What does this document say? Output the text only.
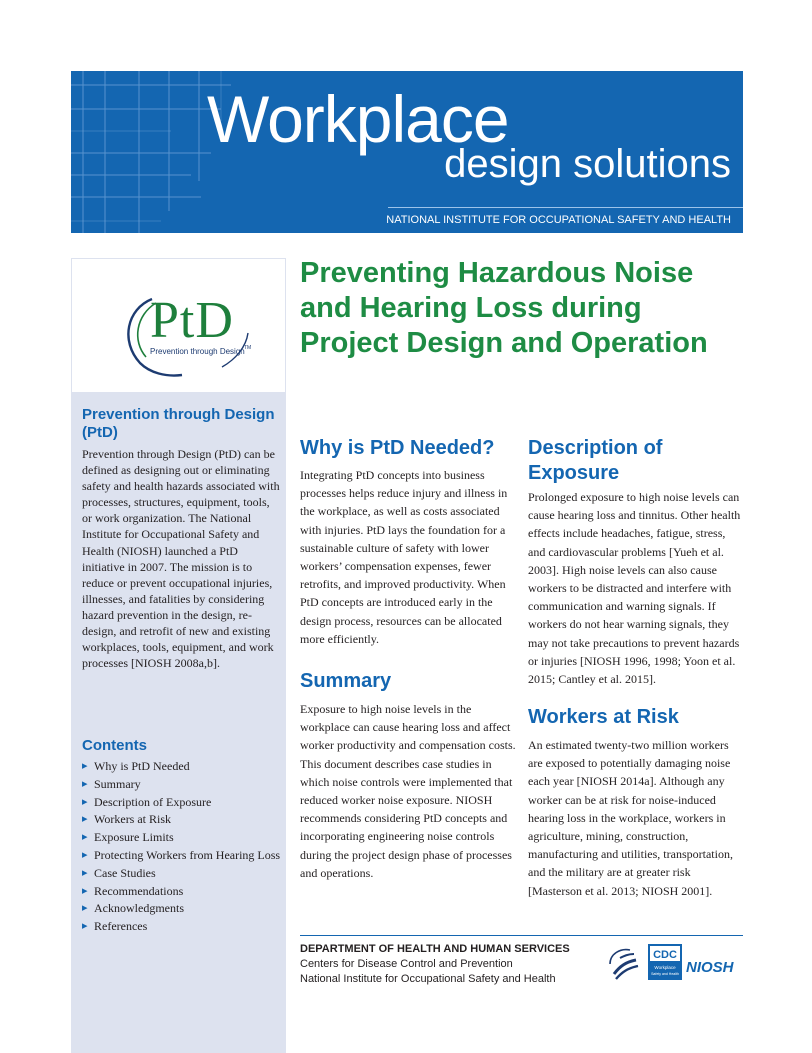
Workplace
design solutions
NATIONAL INSTITUTE FOR OCCUPATIONAL SAFETY AND HEALTH
PtD
Prevention through Design TM
Prevention through Design (PtD)

Prevention through Design (PtD) can be defined as designing out or eliminating safety and health hazards associated with processes, structures, equipment, tools, or work organization. The National Institute for Occupational Safety and Health (NIOSH) launched a PtD initiative in 2007. The mission is to reduce or prevent occupational injuries, illnesses, and fatalities by considering hazard prevention in the design, re-design, and retrofit of new and existing workplaces, tools, equipment, and work processes [NIOSH 2008a,b].

Contents
▸ Why is PtD Needed
▸ Summary
▸ Description of Exposure
▸ Workers at Risk
▸ Exposure Limits
▸ Protecting Workers from Hearing Loss
▸ Case Studies
▸ Recommendations
▸ Acknowledgments
▸ References
Preventing Hazardous Noise and Hearing Loss during Project Design and Operation
Why is PtD Needed?

Integrating PtD concepts into business processes helps reduce injury and illness in the workplace, as well as costs associated with injuries. PtD lays the foundation for a sustainable culture of safety with lower workers’ compensation expenses, fewer retrofits, and improved productivity. When PtD concepts are introduced early in the design process, resources can be allocated more efficiently.

Summary

Exposure to high noise levels in the workplace can cause hearing loss and affect worker productivity and compensation costs. This document describes case studies in which noise controls were implemented that reduced worker noise exposure. NIOSH recommends considering PtD concepts and incorporating engineering noise controls during the project design phase of processes and operations.

Description of Exposure

Prolonged exposure to high noise levels can cause hearing loss and tinnitus. Other health effects include headaches, fatigue, stress, and cardiovascular problems [Yueh et al. 2003]. High noise levels can also cause workers to be distracted and interfere with communication and warning signals. If workers do not hear warning signals, they may not take precautions to prevent hazards or injuries [NIOSH 1996, 1998; Yoon et al. 2015; Cantley et al. 2015].

Workers at Risk

An estimated twenty-two million workers are exposed to potentially damaging noise each year [NIOSH 2014a]. Although any worker can be at risk for noise-induced hearing loss in the workplace, workers in agriculture, mining, construction, manufacturing and utilities, transportation, and the military are at greater risk [Masterson et al. 2013; NIOSH 2001].

DEPARTMENT OF HEALTH AND HUMAN SERVICES
Centers for Disease Control and Prevention
National Institute for Occupational Safety and Health
CDC
Workplace
Safety and Health NIOSH
